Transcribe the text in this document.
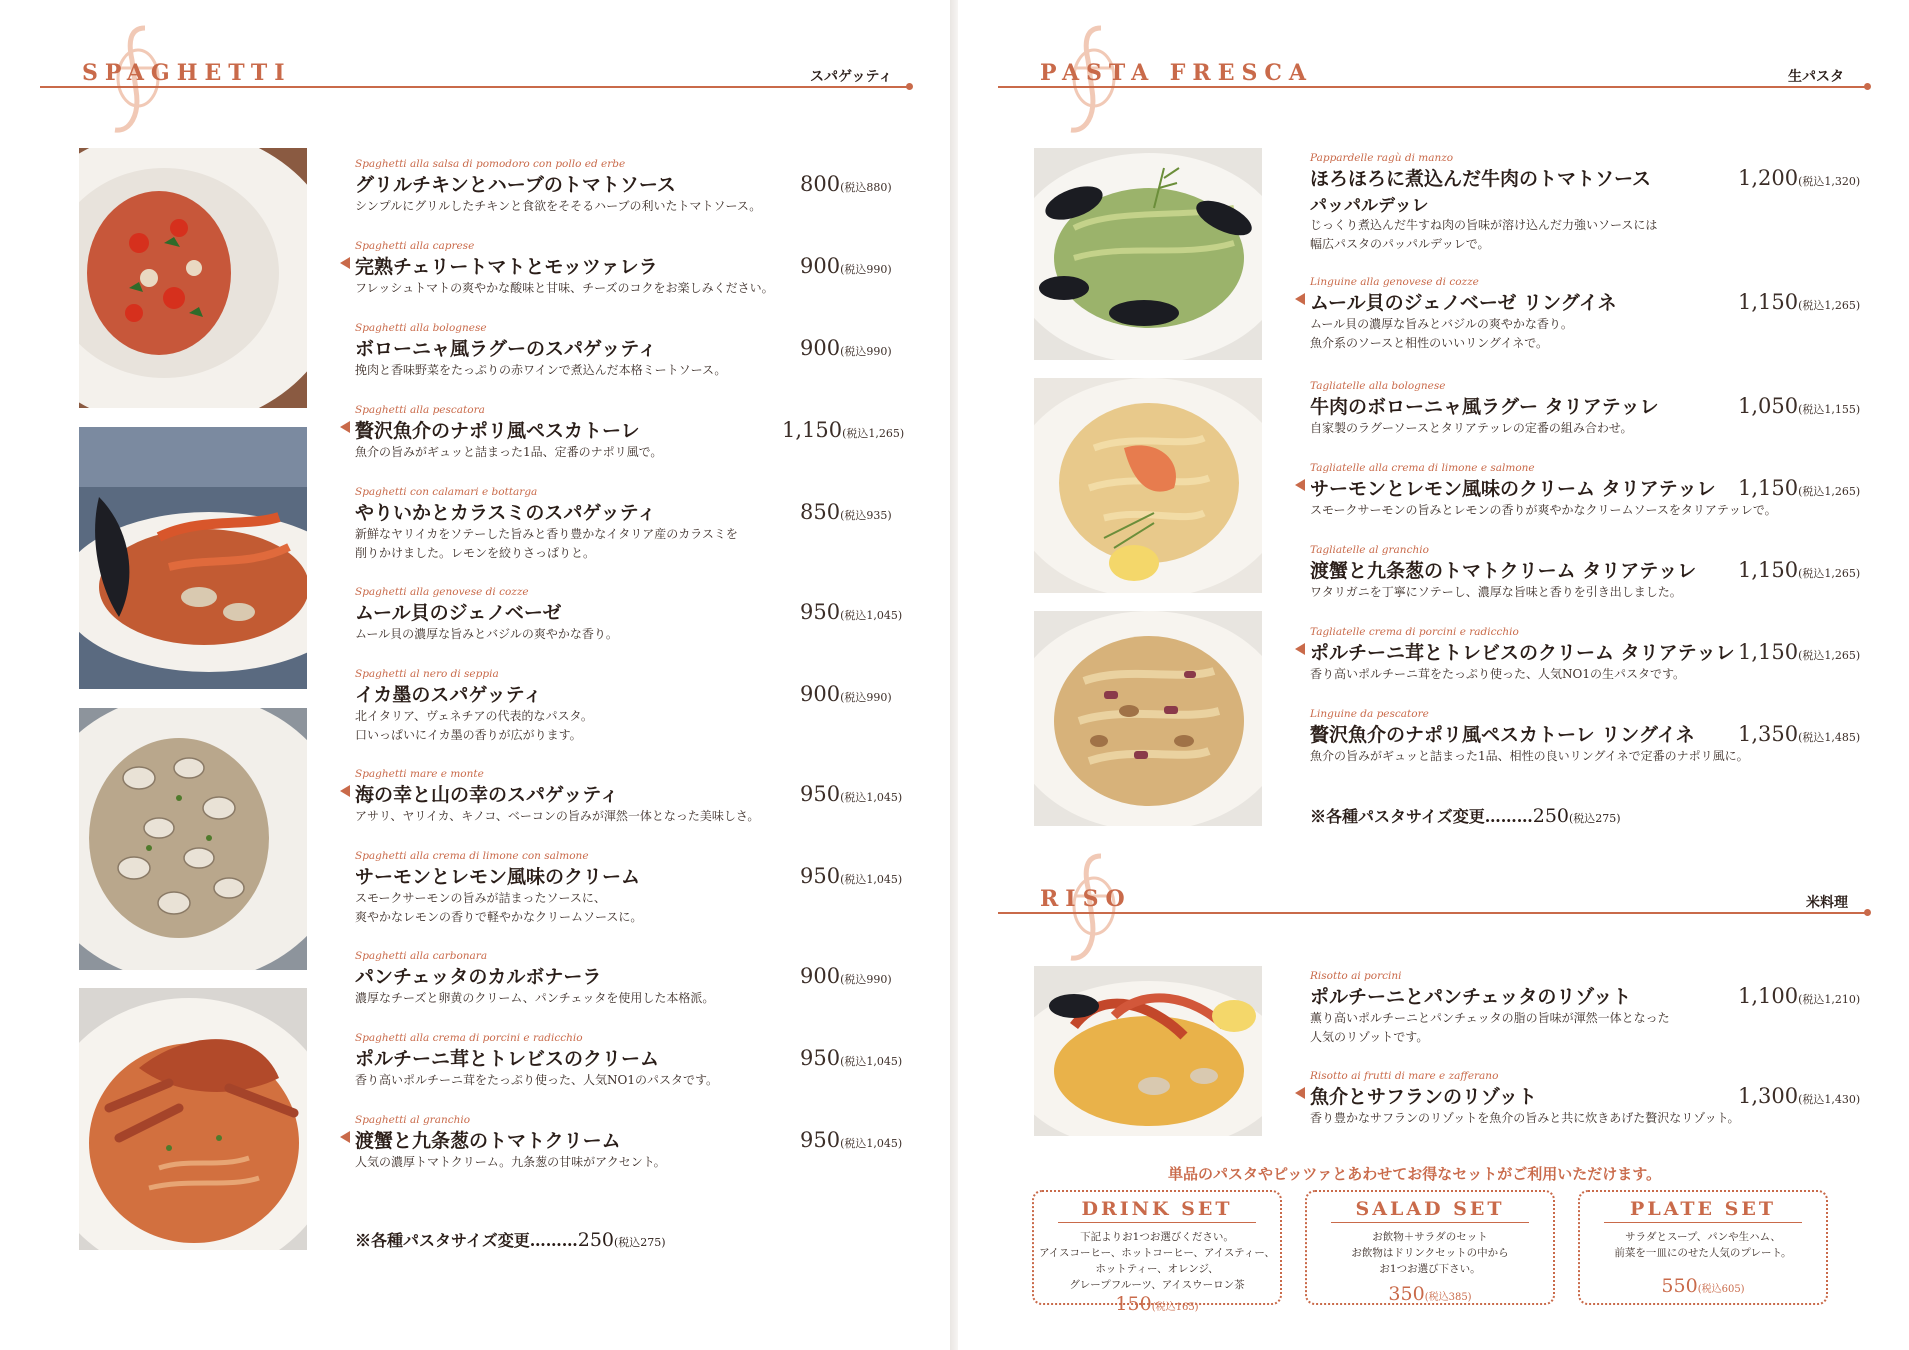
SPAGHETTI	スパゲッティ
Spaghetti alla salsa di pomodoro con pollo ed erbe
グリルチキンとハーブのトマトソース
シンプルにグリルしたチキンと食欲をそそるハーブの利いたトマトソース。
800(税込880)
Spaghetti alla caprese
完熟チェリートマトとモッツァレラ
フレッシュトマトの爽やかな酸味と甘味、チーズのコクをお楽しみください。
900(税込990)
Spaghetti alla bolognese
ボローニャ風ラグーのスパゲッティ
挽肉と香味野菜をたっぷりの赤ワインで煮込んだ本格ミートソース。
900(税込990)
Spaghetti alla pescatora
贅沢魚介のナポリ風ペスカトーレ
魚介の旨みがギュッと詰まった1品、定番のナポリ風で。
1,150(税込1,265)
Spaghetti con calamari e bottarga
やりいかとカラスミのスパゲッティ
新鮮なヤリイカをソテーした旨みと香り豊かなイタリア産のカラスミを
削りかけました。レモンを絞りさっぱりと。
850(税込935)
Spaghetti alla genovese di cozze
ムール貝のジェノベーゼ
ムール貝の濃厚な旨みとバジルの爽やかな香り。
950(税込1,045)
Spaghetti al nero di seppia
イカ墨のスパゲッティ
北イタリア、ヴェネチアの代表的なパスタ。
口いっぱいにイカ墨の香りが広がります。
900(税込990)
Spaghetti mare e monte
海の幸と山の幸のスパゲッティ
アサリ、ヤリイカ、キノコ、ベーコンの旨みが渾然一体となった美味しさ。
950(税込1,045)
Spaghetti alla crema di limone con salmone
サーモンとレモン風味のクリーム
スモークサーモンの旨みが詰まったソースに、
爽やかなレモンの香りで軽やかなクリームソースに。
950(税込1,045)
Spaghetti alla carbonara
パンチェッタのカルボナーラ
濃厚なチーズと卵黄のクリーム、パンチェッタを使用した本格派。
900(税込990)
Spaghetti alla crema di porcini e radicchio
ポルチーニ茸とトレビスのクリーム
香り高いポルチーニ茸をたっぷり使った、人気NO1のパスタです。
950(税込1,045)
Spaghetti al granchio
渡蟹と九条葱のトマトクリーム
人気の濃厚トマトクリーム。九条葱の甘味がアクセント。
950(税込1,045)
※各種パスタサイズ変更………250(税込275)
PASTA FRESCA	生パスタ
Pappardelle ragù di manzo
ほろほろに煮込んだ牛肉のトマトソース
パッパルデッレ
じっくり煮込んだ牛すね肉の旨味が溶け込んだ力強いソースには
幅広パスタのパッパルデッレで。
1,200(税込1,320)
Linguine alla genovese di cozze
ムール貝のジェノベーゼ リングイネ
ムール貝の濃厚な旨みとバジルの爽やかな香り。
魚介系のソースと相性のいいリングイネで。
1,150(税込1,265)
Tagliatelle alla bolognese
牛肉のボローニャ風ラグー タリアテッレ
自家製のラグーソースとタリアテッレの定番の組み合わせ。
1,050(税込1,155)
Tagliatelle alla crema di limone e salmone
サーモンとレモン風味のクリーム タリアテッレ
スモークサーモンの旨みとレモンの香りが爽やかなクリームソースをタリアテッレで。
1,150(税込1,265)
Tagliatelle al granchio
渡蟹と九条葱のトマトクリーム タリアテッレ
ワタリガニを丁寧にソテーし、濃厚な旨味と香りを引き出しました。
1,150(税込1,265)
Tagliatelle crema di porcini e radicchio
ポルチーニ茸とトレビスのクリーム タリアテッレ
香り高いポルチーニ茸をたっぷり使った、人気NO1の生パスタです。
1,150(税込1,265)
Linguine da pescatore
贅沢魚介のナポリ風ペスカトーレ リングイネ
魚介の旨みがギュッと詰まった1品、相性の良いリングイネで定番のナポリ風に。
1,350(税込1,485)
※各種パスタサイズ変更………250(税込275)
RISO	米料理
Risotto ai porcini
ポルチーニとパンチェッタのリゾット
薫り高いポルチーニとパンチェッタの脂の旨味が渾然一体となった
人気のリゾットです。
1,100(税込1,210)
Risotto ai frutti di mare e zafferano
魚介とサフランのリゾット
香り豊かなサフランのリゾットを魚介の旨みと共に炊きあげた贅沢なリゾット。
1,300(税込1,430)
単品のパスタやピッツァとあわせてお得なセットがご利用いただけます。
DRINK SET
下記よりお1つお選びください。
アイスコーヒー、ホットコーヒー、アイスティー、
ホットティー、オレンジ、
グレープフルーツ、アイスウーロン茶
150(税込165)
SALAD SET
お飲物＋サラダのセット
お飲物はドリンクセットの中から
お1つお選び下さい。
350(税込385)
PLATE SET
サラダとスープ、パンや生ハム、
前菜を一皿にのせた人気のプレート。
550(税込605)
